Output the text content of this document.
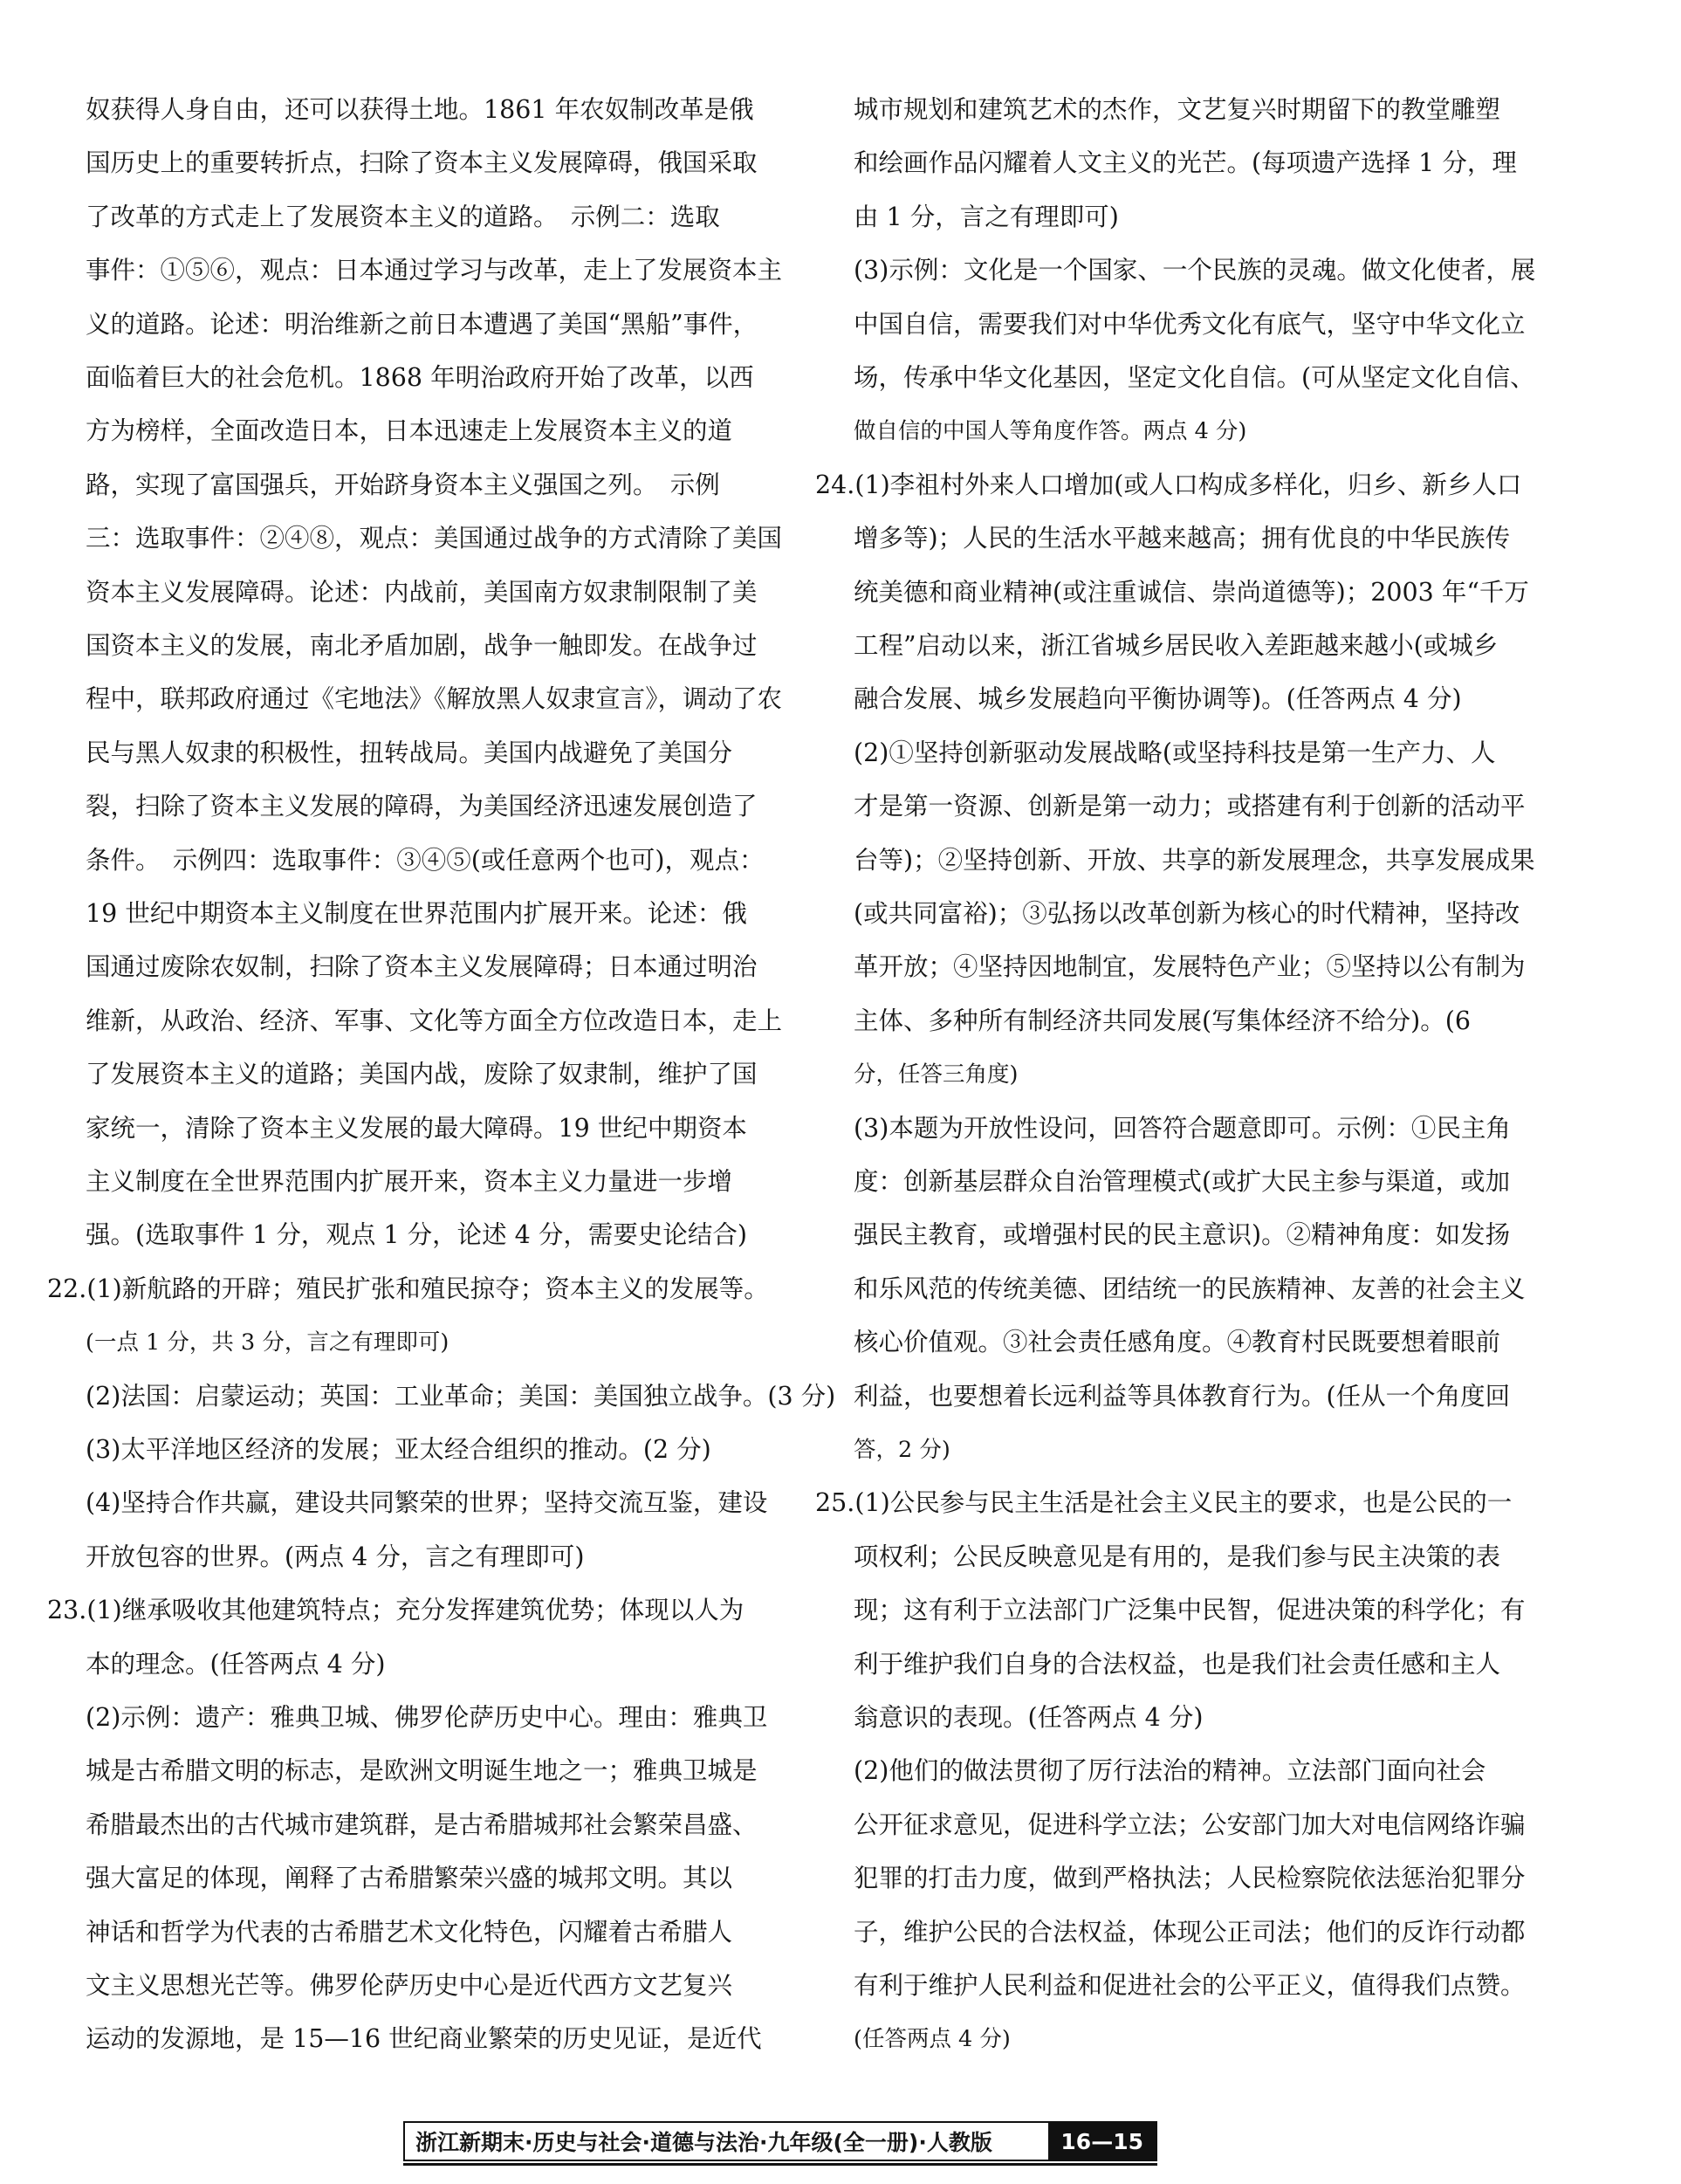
奴获得人身自由，还可以获得土地。1861 年农奴制改革是俄
国历史上的重要转折点，扫除了资本主义发展障碍，俄国采取
了改革的方式走上了发展资本主义的道路。　示例二：选取
事件：①⑤⑥，观点：日本通过学习与改革，走上了发展资本主
义的道路。论述：明治维新之前日本遭遇了美国“黑船”事件，
面临着巨大的社会危机。1868 年明治政府开始了改革，以西
方为榜样，全面改造日本，日本迅速走上发展资本主义的道
路，实现了富国强兵，开始跻身资本主义强国之列。　示例
三：选取事件：②④⑧，观点：美国通过战争的方式清除了美国
资本主义发展障碍。论述：内战前，美国南方奴隶制限制了美
国资本主义的发展，南北矛盾加剧，战争一触即发。在战争过
程中，联邦政府通过《宅地法》《解放黑人奴隶宣言》，调动了农
民与黑人奴隶的积极性，扭转战局。美国内战避免了美国分
裂，扫除了资本主义发展的障碍，为美国经济迅速发展创造了
条件。　示例四：选取事件：③④⑤(或任意两个也可)，观点：
19 世纪中期资本主义制度在世界范围内扩展开来。论述：俄
国通过废除农奴制，扫除了资本主义发展障碍；日本通过明治
维新，从政治、经济、军事、文化等方面全方位改造日本，走上
了发展资本主义的道路；美国内战，废除了奴隶制，维护了国
家统一，清除了资本主义发展的最大障碍。19 世纪中期资本
主义制度在全世界范围内扩展开来，资本主义力量进一步增
强。(选取事件 1 分，观点 1 分，论述 4 分，需要史论结合)
22.(1)新航路的开辟；殖民扩张和殖民掠夺；资本主义的发展等。
(一点 1 分，共 3 分，言之有理即可)
(2)法国：启蒙运动；英国：工业革命；美国：美国独立战争。(3 分)
(3)太平洋地区经济的发展；亚太经合组织的推动。(2 分)
(4)坚持合作共赢，建设共同繁荣的世界；坚持交流互鉴，建设
开放包容的世界。(两点 4 分，言之有理即可)
23.(1)继承吸收其他建筑特点；充分发挥建筑优势；体现以人为
本的理念。(任答两点 4 分)
(2)示例：遗产：雅典卫城、佛罗伦萨历史中心。理由：雅典卫
城是古希腊文明的标志，是欧洲文明诞生地之一；雅典卫城是
希腊最杰出的古代城市建筑群，是古希腊城邦社会繁荣昌盛、
强大富足的体现，阐释了古希腊繁荣兴盛的城邦文明。其以
神话和哲学为代表的古希腊艺术文化特色，闪耀着古希腊人
文主义思想光芒等。佛罗伦萨历史中心是近代西方文艺复兴
运动的发源地，是 15—16 世纪商业繁荣的历史见证，是近代
城市规划和建筑艺术的杰作，文艺复兴时期留下的教堂雕塑
和绘画作品闪耀着人文主义的光芒。(每项遗产选择 1 分，理
由 1 分，言之有理即可)
(3)示例：文化是一个国家、一个民族的灵魂。做文化使者，展
中国自信，需要我们对中华优秀文化有底气，坚守中华文化立
场，传承中华文化基因，坚定文化自信。(可从坚定文化自信、
做自信的中国人等角度作答。两点 4 分)
24.(1)李祖村外来人口增加(或人口构成多样化，归乡、新乡人口
增多等)；人民的生活水平越来越高；拥有优良的中华民族传
统美德和商业精神(或注重诚信、崇尚道德等)；2003 年“千万
工程”启动以来，浙江省城乡居民收入差距越来越小(或城乡
融合发展、城乡发展趋向平衡协调等)。(任答两点 4 分)
(2)①坚持创新驱动发展战略(或坚持科技是第一生产力、人
才是第一资源、创新是第一动力；或搭建有利于创新的活动平
台等)；②坚持创新、开放、共享的新发展理念，共享发展成果
(或共同富裕)；③弘扬以改革创新为核心的时代精神，坚持改
革开放；④坚持因地制宜，发展特色产业；⑤坚持以公有制为
主体、多种所有制经济共同发展(写集体经济不给分)。(6
分，任答三角度)
(3)本题为开放性设问，回答符合题意即可。示例：①民主角
度：创新基层群众自治管理模式(或扩大民主参与渠道，或加
强民主教育，或增强村民的民主意识)。②精神角度：如发扬
和乐风范的传统美德、团结统一的民族精神、友善的社会主义
核心价值观。③社会责任感角度。④教育村民既要想着眼前
利益，也要想着长远利益等具体教育行为。(任从一个角度回
答，2 分)
25.(1)公民参与民主生活是社会主义民主的要求，也是公民的一
项权利；公民反映意见是有用的，是我们参与民主决策的表
现；这有利于立法部门广泛集中民智，促进决策的科学化；有
利于维护我们自身的合法权益，也是我们社会责任感和主人
翁意识的表现。(任答两点 4 分)
(2)他们的做法贯彻了厉行法治的精神。立法部门面向社会
公开征求意见，促进科学立法；公安部门加大对电信网络诈骗
犯罪的打击力度，做到严格执法；人民检察院依法惩治犯罪分
子，维护公民的合法权益，体现公正司法；他们的反诈行动都
有利于维护人民利益和促进社会的公平正义，值得我们点赞。
(任答两点 4 分)
浙江新期末·历史与社会·道德与法治·九年级(全一册)·人教版	16—15
